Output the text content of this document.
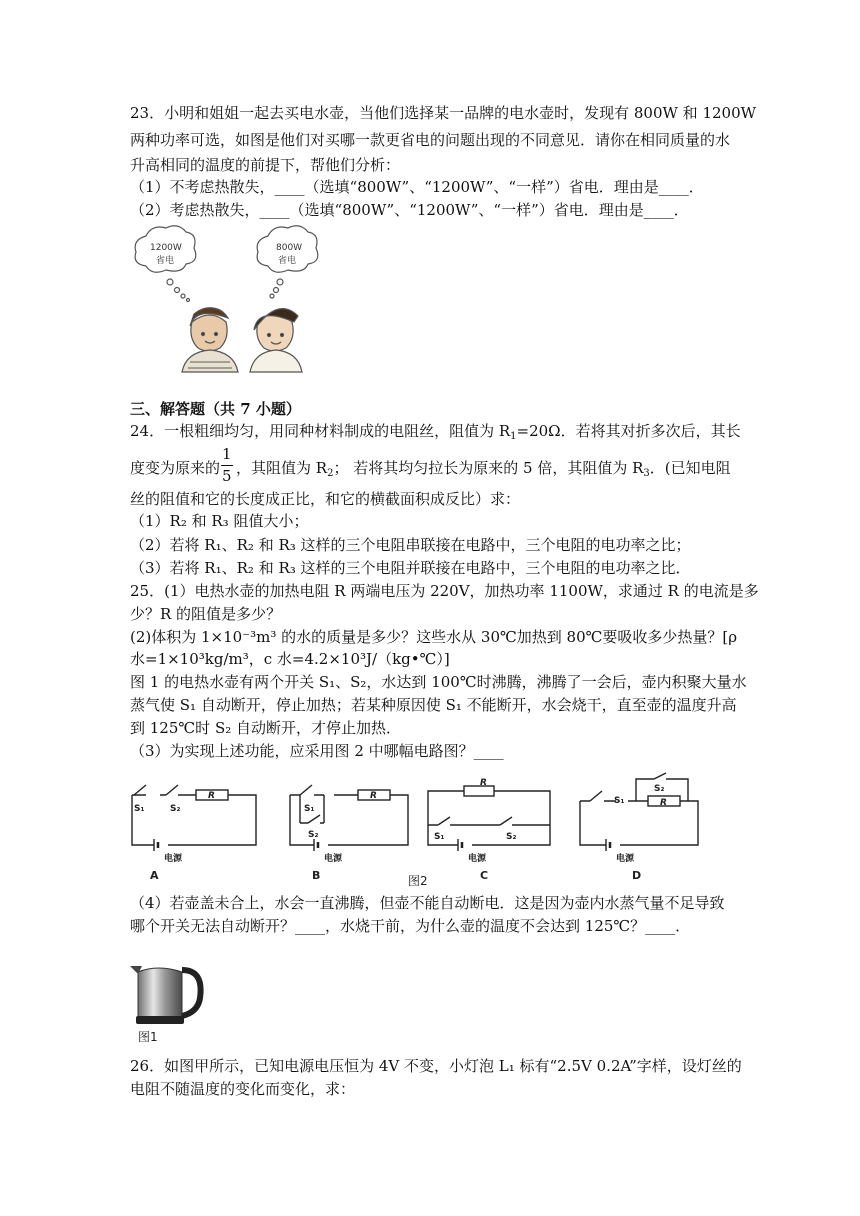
23．小明和姐姐一起去买电水壶，当他们选择某一品牌的电水壶时，发现有 800W 和 1200W
两种功率可选，如图是他们对买哪一款更省电的问题出现的不同意见．请你在相同质量的水
升高相同的温度的前提下，帮他们分析：
（1）不考虑热散失，____（选填“800W”、“1200W”、“一样”）省电．理由是____．
（2）考虑热散失，____（选填“800W”、“1200W”、“一样”）省电．理由是____．
1200W
省电
800W
省电
三、解答题（共 7 小题）
24．一根粗细均匀，用同种材料制成的电阻丝，阻值为 $R_1=20\Omega$．若将其对折多次后，其长
度变为原来的 $\frac{1}{5}$ ，其阻值为 $R_2$； 若将其均匀拉长为原来的 5 倍，其阻值为 $R_3$．(已知电阻
丝的阻值和它的长度成正比，和它的横截面积成反比）求：
（1）R₂ 和 R₃ 阻值大小；
（2）若将 R₁、R₂ 和 R₃ 这样的三个电阻串联接在电路中，三个电阻的电功率之比；
（3）若将 R₁、R₂ 和 R₃ 这样的三个电阻并联接在电路中，三个电阻的电功率之比．
25．(1）电热水壶的加热电阻 R 两端电压为 220V，加热功率 1100W，求通过 R 的电流是多
少？R 的阻值是多少？
(2)体积为 1×10⁻³m³ 的水的质量是多少？这些水从 30℃加热到 80℃要吸收多少热量？[ρ
水=1×10³kg/m³，c 水=4.2×10³J/（kg•℃）]
图 1 的电热水壶有两个开关 S₁、S₂，水达到 100℃时沸腾，沸腾了一会后，壶内积聚大量水
蒸气使 S₁ 自动断开，停止加热；若某种原因使 S₁ 不能断开，水会烧干，直至壶的温度升高
到 125℃时 S₂ 自动断开，才停止加热．
（3）为实现上述功能，应采用图 2 中哪幅电路图？____
S₁	S₂
R
电源
S₁
S₂
R
电源
R
S₁	S₂
电源
S₁
S₂
R
电源
A	B	C	D
图2
（4）若壶盖未合上，水会一直沸腾，但壶不能自动断电．这是因为壶内水蒸气量不足导致
哪个开关无法自动断开？____，水烧干前，为什么壶的温度不会达到 125℃？____．
图1
26．如图甲所示，已知电源电压恒为 4V 不变，小灯泡 L₁ 标有“2.5V 0.2A”字样，设灯丝的
电阻不随温度的变化而变化，求：
